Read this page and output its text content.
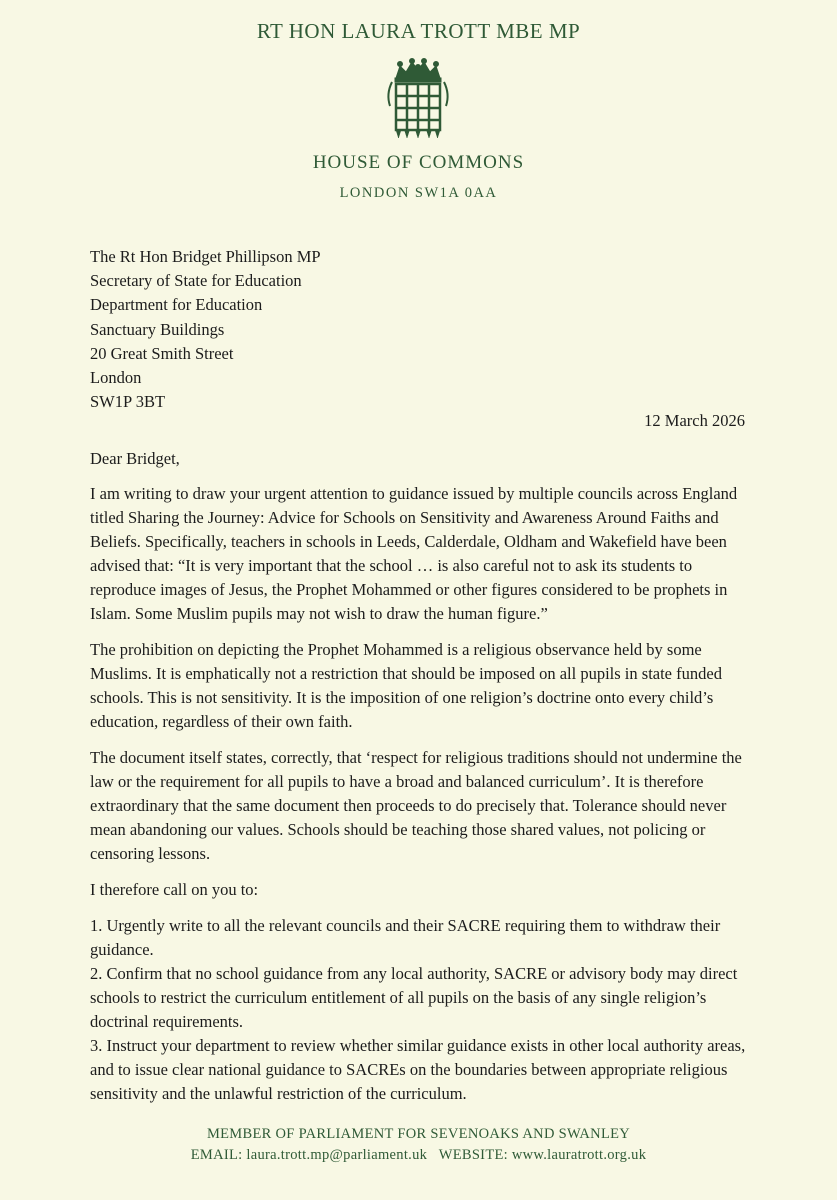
RT HON LAURA TROTT MBE MP
HOUSE OF COMMONS
LONDON SW1A 0AA
The Rt Hon Bridget Phillipson MP
Secretary of State for Education
Department for Education
Sanctuary Buildings
20 Great Smith Street
London
SW1P 3BT
12 March 2026
Dear Bridget,

I am writing to draw your urgent attention to guidance issued by multiple councils across England titled Sharing the Journey: Advice for Schools on Sensitivity and Awareness Around Faiths and Beliefs. Specifically, teachers in schools in Leeds, Calderdale, Oldham and Wakefield have been advised that: “It is very important that the school … is also careful not to ask its students to reproduce images of Jesus, the Prophet Mohammed or other figures considered to be prophets in Islam. Some Muslim pupils may not wish to draw the human figure.”

The prohibition on depicting the Prophet Mohammed is a religious observance held by some Muslims. It is emphatically not a restriction that should be imposed on all pupils in state funded schools. This is not sensitivity. It is the imposition of one religion’s doctrine onto every child’s education, regardless of their own faith.

The document itself states, correctly, that ‘respect for religious traditions should not undermine the law or the requirement for all pupils to have a broad and balanced curriculum’. It is therefore extraordinary that the same document then proceeds to do precisely that. Tolerance should never mean abandoning our values. Schools should be teaching those shared values, not policing or censoring lessons.

I therefore call on you to:

1. Urgently write to all the relevant councils and their SACRE requiring them to withdraw their guidance.

2. Confirm that no school guidance from any local authority, SACRE or advisory body may direct schools to restrict the curriculum entitlement of all pupils on the basis of any single religion’s doctrinal requirements.

3. Instruct your department to review whether similar guidance exists in other local authority areas, and to issue clear national guidance to SACREs on the boundaries between appropriate religious sensitivity and the unlawful restriction of the curriculum.

MEMBER OF PARLIAMENT FOR SEVENOAKS AND SWANLEY
EMAIL: laura.trott.mp@parliament.uk   WEBSITE: www.lauratrott.org.uk
